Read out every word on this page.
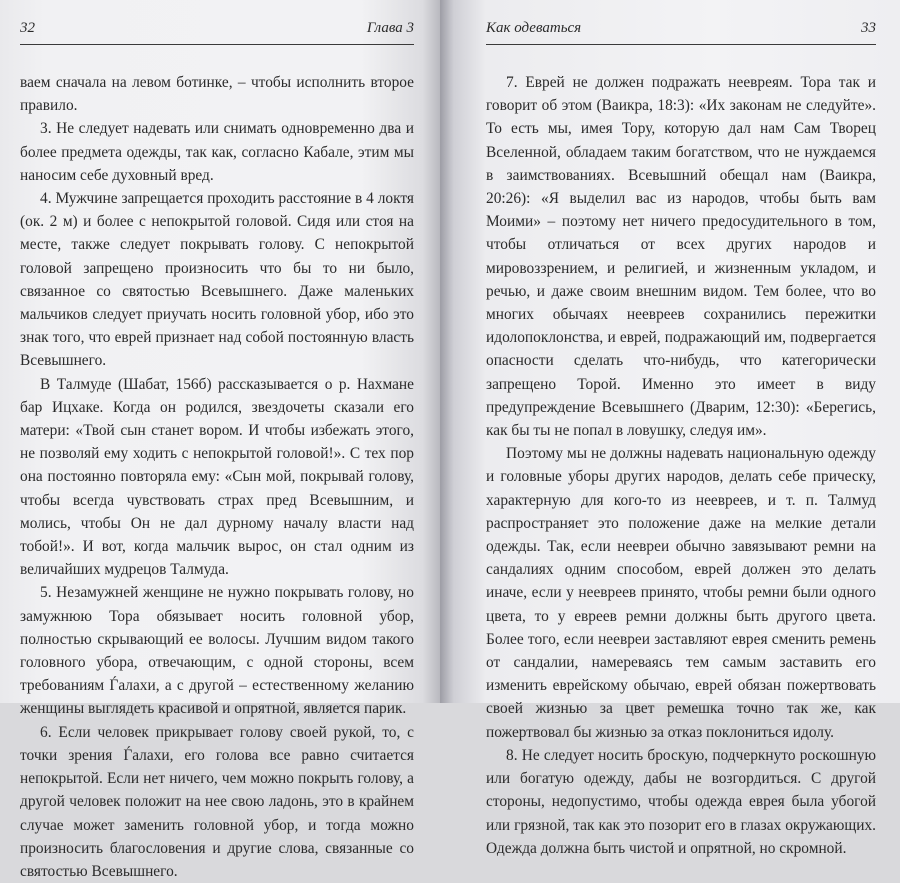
32	Глава 3

ваем сначала на левом ботинке, – чтобы исполнить второе правило.

3. Не следует надевать или снимать одновременно два и более предмета одежды, так как, согласно Кабале, этим мы наносим себе духовный вред.

4. Мужчине запрещается проходить расстояние в 4 локтя (ок. 2 м) и более с непокрытой головой. Сидя или стоя на месте, также следует покрывать голову. С непокрытой головой запрещено произносить что бы то ни было, связанное со святостью Всевышнего. Даже маленьких мальчиков следует приучать носить головной убор, ибо это знак того, что еврей признает над собой постоянную власть Всевышнего.

В Талмуде (Шабат, 156б) рассказывается о р. Нахмане бар Ицхаке. Когда он родился, звездочеты сказали его матери: «Твой сын станет вором. И чтобы избежать этого, не позволяй ему ходить с непокрытой головой!». С тех пор она постоянно повторяла ему: «Сын мой, покрывай голову, чтобы всегда чувствовать страх пред Всевышним, и молись, чтобы Он не дал дурному началу власти над тобой!». И вот, когда мальчик вырос, он стал одним из величайших мудрецов Талмуда.

5. Незамужней женщине не нужно покрывать голову, но замужнюю Тора обязывает носить головной убор, полностью скрывающий ее волосы. Лучшим видом такого головного убора, отвечающим, с одной стороны, всем требованиям Ѓалахи, а с другой – естественному желанию женщины выглядеть красивой и опрятной, является парик.

6. Если человек прикрывает голову своей рукой, то, с точки зрения Ѓалахи, его голова все равно считается непокрытой. Если нет ничего, чем можно покрыть голову, а другой человек положит на нее свою ладонь, это в крайнем случае может заменить головной убор, и тогда можно произносить благословения и другие слова, связанные со святостью Всевышнего.

Как одеваться	33

7. Еврей не должен подражать неевреям. Тора так и говорит об этом (Ваикра, 18:3): «Их законам не следуйте». То есть мы, имея Тору, которую дал нам Сам Творец Вселенной, обладаем таким богатством, что не нуждаемся в заимствованиях. Всевышний обещал нам (Ваикра, 20:26): «Я выделил вас из народов, чтобы быть вам Моими» – поэтому нет ничего предосудительного в том, чтобы отличаться от всех других народов и мировоззрением, и религией, и жизненным укладом, и речью, и даже своим внешним видом. Тем более, что во многих обычаях неевреев сохранились пережитки идолопоклонства, и еврей, подражающий им, подвергается опасности сделать что-нибудь, что категорически запрещено Торой. Именно это имеет в виду предупреждение Всевышнего (Дварим, 12:30): «Берегись, как бы ты не попал в ловушку, следуя им».

Поэтому мы не должны надевать национальную одежду и головные уборы других народов, делать себе прическу, характерную для кого-то из неевреев, и т. п. Талмуд распространяет это положение даже на мелкие детали одежды. Так, если неевреи обычно завязывают ремни на сандалиях одним способом, еврей должен это делать иначе, если у неевреев принято, чтобы ремни были одного цвета, то у евреев ремни должны быть другого цвета. Более того, если неевреи заставляют еврея сменить ремень от сандалии, намереваясь тем самым заставить его изменить еврейскому обычаю, еврей обязан пожертвовать своей жизнью за цвет ремешка точно так же, как пожертвовал бы жизнью за отказ поклониться идолу.

8. Не следует носить броскую, подчеркнуто роскошную или богатую одежду, дабы не возгордиться. С другой стороны, недопустимо, чтобы одежда еврея была убогой или грязной, так как это позорит его в глазах окружающих. Одежда должна быть чистой и опрятной, но скромной.
